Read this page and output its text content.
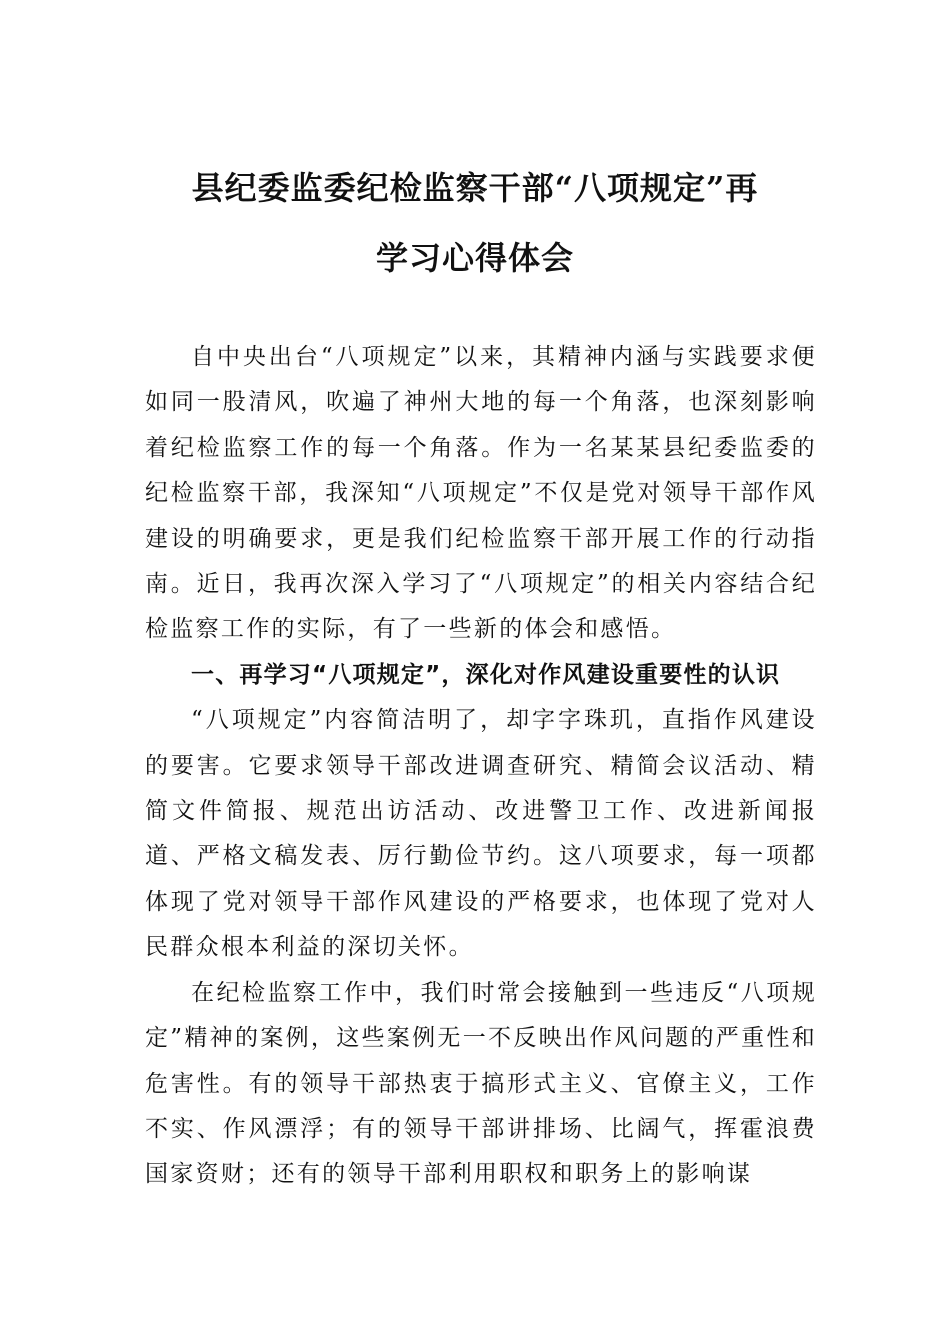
县纪委监委纪检监察干部“八项规定”再
学习心得体会

自中央出台“八项规定”以来，其精神内涵与实践要求便如同一股清风，吹遍了神州大地的每一个角落，也深刻影响着纪检监察工作的每一个角落。作为一名某某县纪委监委的纪检监察干部，我深知“八项规定”不仅是党对领导干部作风建设的明确要求，更是我们纪检监察干部开展工作的行动指南。近日，我再次深入学习了“八项规定”的相关内容结合纪检监察工作的实际，有了一些新的体会和感悟。

一、再学习“八项规定”，深化对作风建设重要性的认识

“八项规定”内容简洁明了，却字字珠玑，直指作风建设的要害。它要求领导干部改进调查研究、精简会议活动、精简文件简报、规范出访活动、改进警卫工作、改进新闻报道、严格文稿发表、厉行勤俭节约。这八项要求，每一项都体现了党对领导干部作风建设的严格要求，也体现了党对人民群众根本利益的深切关怀。

在纪检监察工作中，我们时常会接触到一些违反“八项规定”精神的案例，这些案例无一不反映出作风问题的严重性和危害性。有的领导干部热衷于搞形式主义、官僚主义，工作不实、作风漂浮；有的领导干部讲排场、比阔气，挥霍浪费国家资财；还有的领导干部利用职权和职务上的影响谋
